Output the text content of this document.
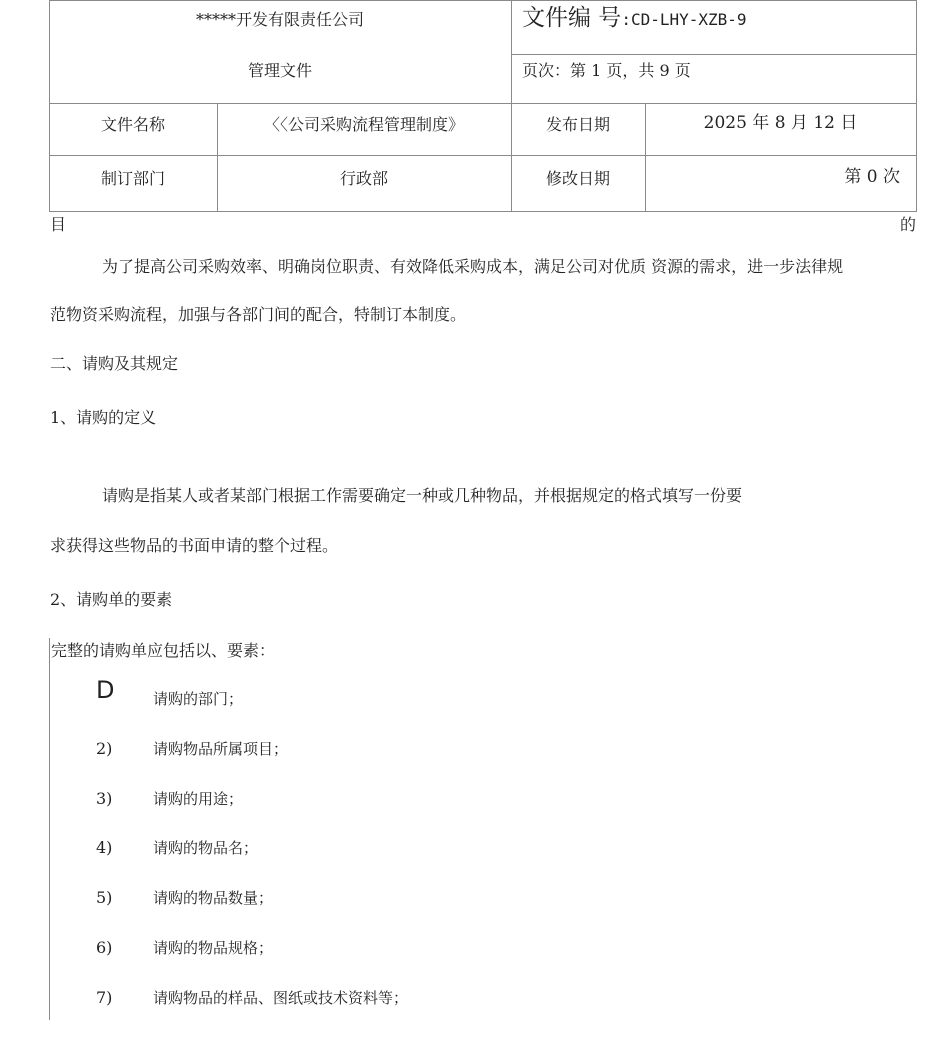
*****开发有限责任公司
管理文件
文件编 号:CD-LHY-XZB-9
页次：第 1 页，共 9 页
文件名称	〈〈公司采购流程管理制度》	发布日期	2025 年 8 月 12 日
制订部门	行政部	修改日期	第 0 次
目	的
为了提高公司采购效率、明确岗位职责、有效降低采购成本，满足公司对优质 资源的需求，进一步法律规
范物资采购流程，加强与各部门间的配合，特制订本制度。
二、请购及其规定
1、请购的定义
请购是指某人或者某部门根据工作需要确定一种或几种物品，并根据规定的格式填写一份要
求获得这些物品的书面申请的整个过程。
2、请购单的要素
完整的请购单应包括以、要素：
D	请购的部门；
2)	请购物品所属项目；
3)	请购的用途；
4)	请购的物品名；
5)	请购的物品数量；
6)	请购的物品规格；
7)	请购物品的样品、图纸或技术资料等；
